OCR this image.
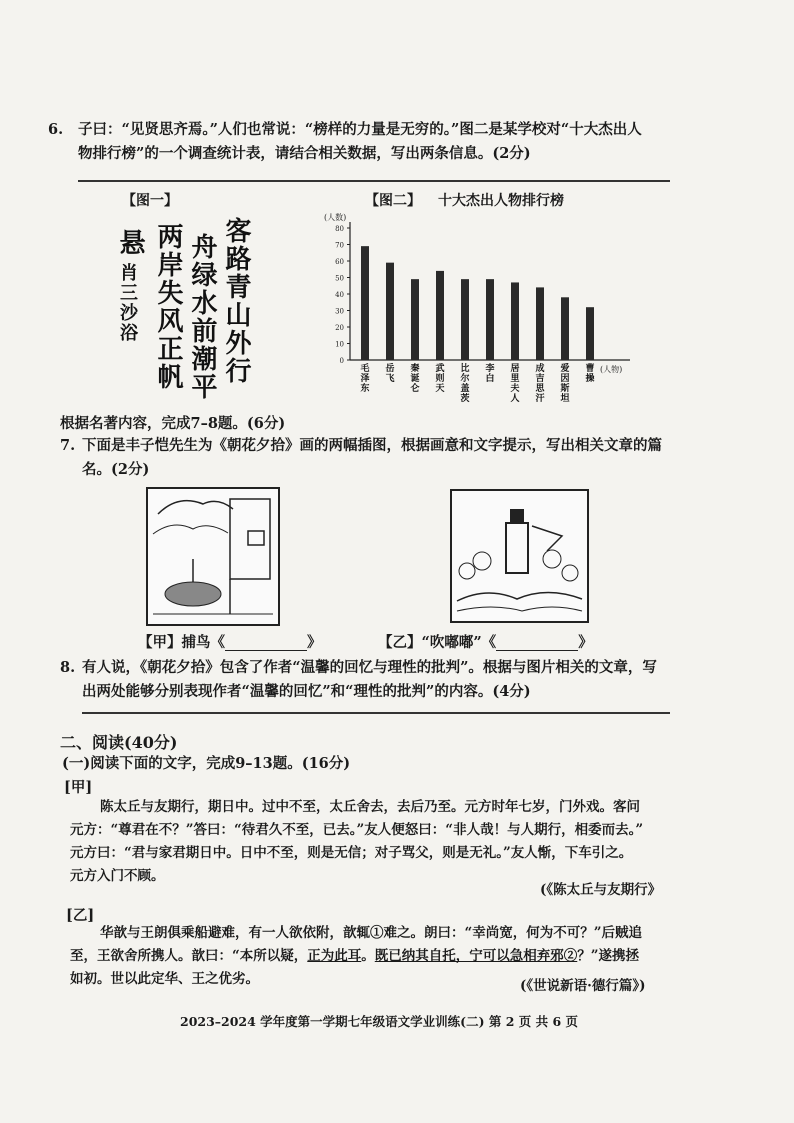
6. 子曰：“见贤思齐焉。”人们也常说：“榜样的力量是无穷的。”图二是某学校对“十大杰出人
物排行榜”的一个调查统计表，请结合相关数据，写出两条信息。(2分)
【图一】
客路青山外行
舟绿水前潮平
两岸失风正帆
悬
肖三沙浴
【图二】 十大杰出人物排行榜
(人数)
0
10
20
30
40
50
60
70
80
毛
泽
东
岳
飞
秦
诞
仑
武
则
天
比
尔
盖
茨
李
白
居
里
夫
人
成
吉
思
汗
爱
因
斯
坦
曹
操
(人物)
根据名著内容，完成7–8题。(6分)
7. 下面是丰子恺先生为《朝花夕拾》画的两幅插图，根据画意和文字提示，写出相关文章的篇
名。(2分)
【甲】捕鸟《	》	【乙】“吹嘟嘟”《	》
8. 有人说，《朝花夕拾》包含了作者“温馨的回忆与理性的批判”。根据与图片相关的文章，写
出两处能够分别表现作者“温馨的回忆”和“理性的批判”的内容。(4分)
二、阅读(40分)
(一)阅读下面的文字，完成9–13题。(16分)
[甲]
陈太丘与友期行，期日中。过中不至，太丘舍去，去后乃至。元方时年七岁，门外戏。客问
元方：“尊君在不？”答曰：“待君久不至，已去。”友人便怒曰：“非人哉！与人期行，相委而去。”
元方曰：“君与家君期日中。日中不至，则是无信；对子骂父，则是无礼。”友人惭，下车引之。
元方入门不顾。
(《陈太丘与友期行》
[乙]
华歆与王朗俱乘船避难，有一人欲依附，歆辄①难之。朗曰：“幸尚宽，何为不可？”后贼追
至，王欲舍所携人。歆曰：“本所以疑，正为此耳。既已纳其自托，宁可以急相弃邪②？”遂携拯
如初。世以此定华、王之优劣。	(《世说新语·德行篇》)
2023–2024 学年度第一学期七年级语文学业训练(二) 第 2 页 共 6 页
